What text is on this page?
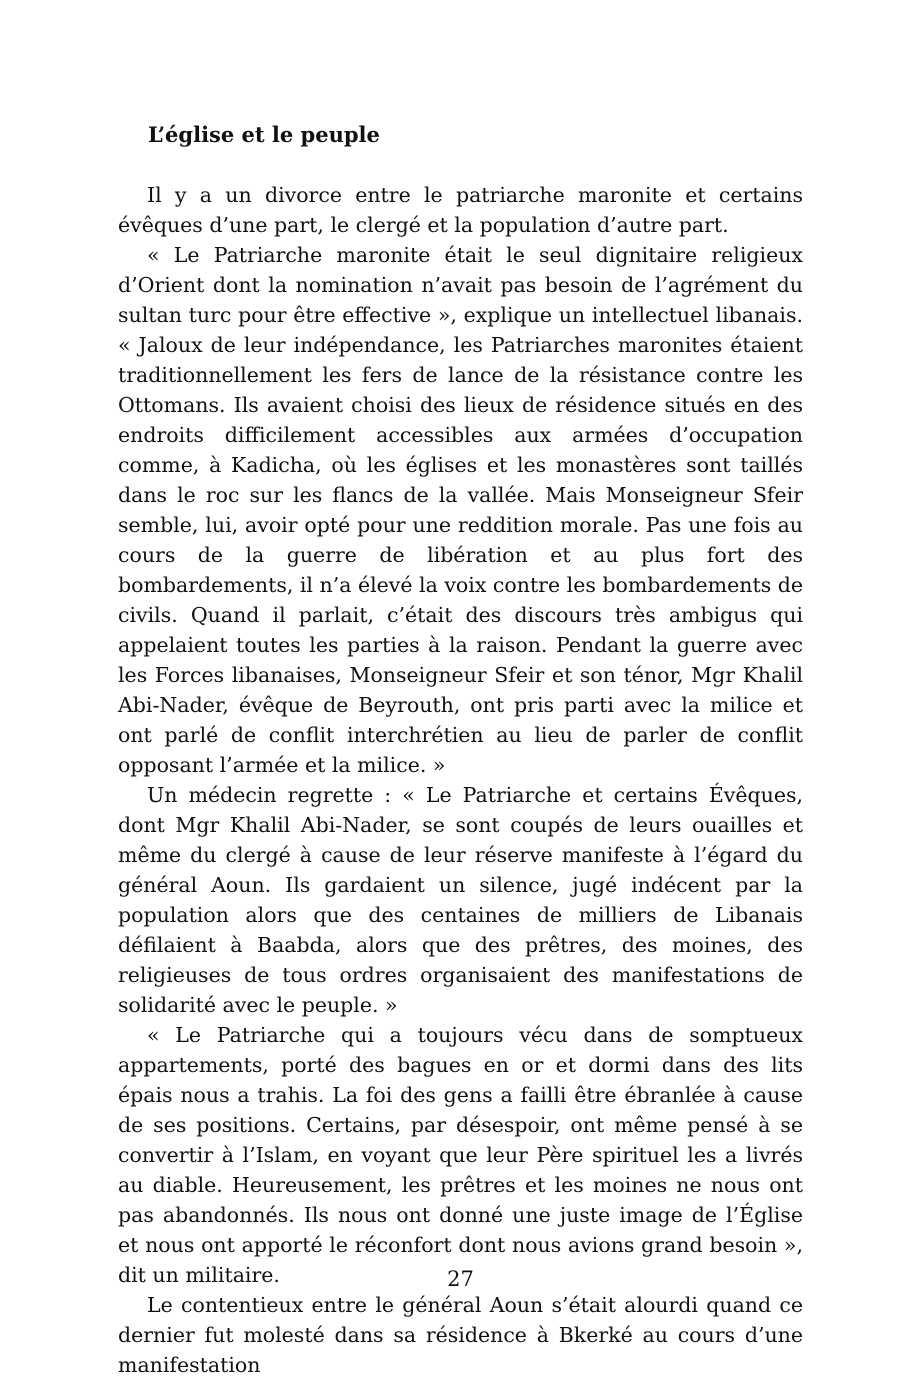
L’église et le peuple

Il y a un divorce entre le patriarche maronite et certains évêques d’une part, le clergé et la population d’autre part.

« Le Patriarche maronite était le seul dignitaire religieux d’Orient dont la nomination n’avait pas besoin de l’agrément du sultan turc pour être effective », explique un intellectuel libanais. « Jaloux de leur indépendance, les Patriarches maronites étaient traditionnellement les fers de lance de la résistance contre les Ottomans. Ils avaient choisi des lieux de résidence situés en des endroits difficilement accessibles aux armées d’occupation comme, à Kadicha, où les églises et les monastères sont taillés dans le roc sur les flancs de la vallée. Mais Monseigneur Sfeir semble, lui, avoir opté pour une reddition morale. Pas une fois au cours de la guerre de libération et au plus fort des bombardements, il n’a élevé la voix contre les bombardements de civils. Quand il parlait, c’était des discours très ambigus qui appelaient toutes les parties à la raison. Pendant la guerre avec les Forces libanaises, Monseigneur Sfeir et son ténor, Mgr Khalil Abi-Nader, évêque de Beyrouth, ont pris parti avec la milice et ont parlé de conflit interchrétien au lieu de parler de conflit opposant l’armée et la milice. »

Un médecin regrette : « Le Patriarche et certains Évêques, dont Mgr Khalil Abi-Nader, se sont coupés de leurs ouailles et même du clergé à cause de leur réserve manifeste à l’égard du général Aoun. Ils gardaient un silence, jugé indécent par la population alors que des centaines de milliers de Libanais défilaient à Baabda, alors que des prêtres, des moines, des religieuses de tous ordres organisaient des manifestations de solidarité avec le peuple. »

« Le Patriarche qui a toujours vécu dans de somptueux appartements, porté des bagues en or et dormi dans des lits épais nous a trahis. La foi des gens a failli être ébranlée à cause de ses positions. Certains, par désespoir, ont même pensé à se convertir à l’Islam, en voyant que leur Père spirituel les a livrés au diable. Heureusement, les prêtres et les moines ne nous ont pas abandonnés. Ils nous ont donné une juste image de l’Église et nous ont apporté le réconfort dont nous avions grand besoin », dit un militaire.

Le contentieux entre le général Aoun s’était alourdi quand ce dernier fut molesté dans sa résidence à Bkerké au cours d’une manifestation

27
